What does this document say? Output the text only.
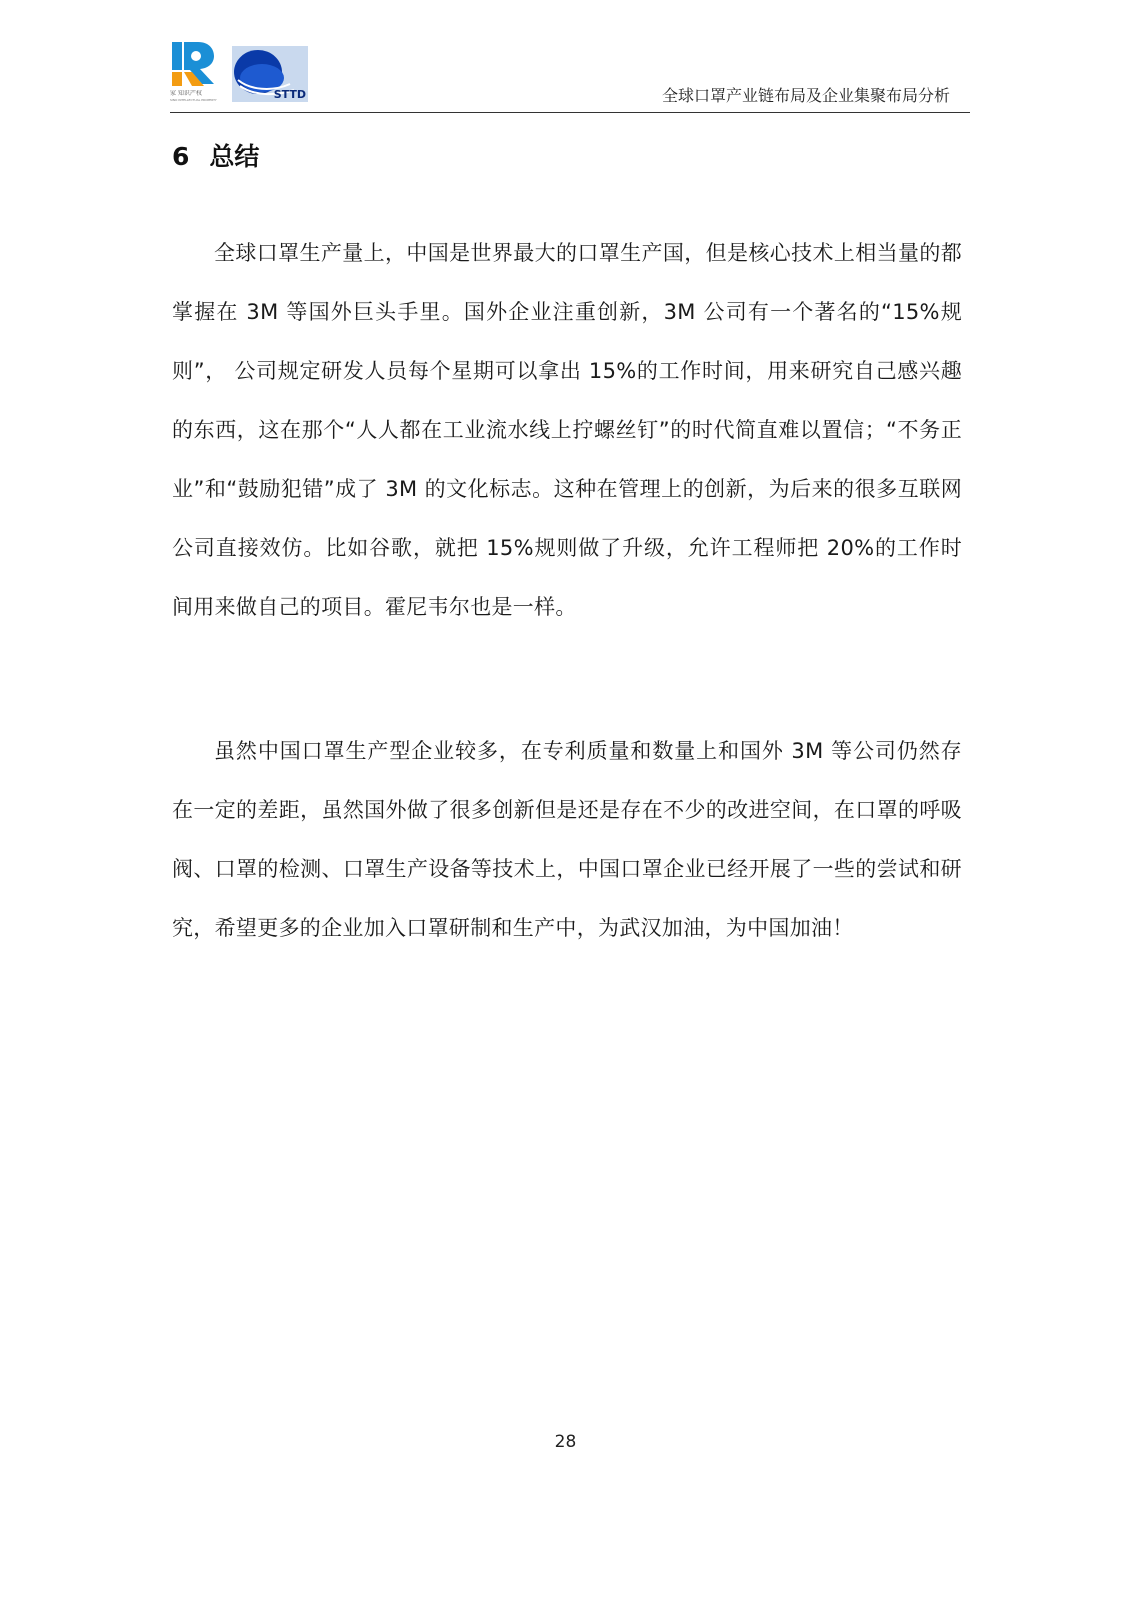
家 知识产权
SINO INTELLECTUAL PROPERTY	STTD	全球口罩产业链布局及企业集聚布局分析
6 总结

全球口罩生产量上，中国是世界最大的口罩生产国，但是核心技术上相当量的都掌握在 3M 等国外巨头手里。国外企业注重创新，3M 公司有一个著名的“15%规则”， 公司规定研发人员每个星期可以拿出 15%的工作时间，用来研究自己感兴趣的东西，这在那个“人人都在工业流水线上拧螺丝钉”的时代简直难以置信；“不务正业”和“鼓励犯错”成了 3M 的文化标志。这种在管理上的创新，为后来的很多互联网公司直接效仿。比如谷歌，就把 15%规则做了升级，允许工程师把 20%的工作时间用来做自己的项目。霍尼韦尔也是一样。

虽然中国口罩生产型企业较多，在专利质量和数量上和国外 3M 等公司仍然存在一定的差距，虽然国外做了很多创新但是还是存在不少的改进空间，在口罩的呼吸阀、口罩的检测、口罩生产设备等技术上，中国口罩企业已经开展了一些的尝试和研究，希望更多的企业加入口罩研制和生产中，为武汉加油，为中国加油！

28
